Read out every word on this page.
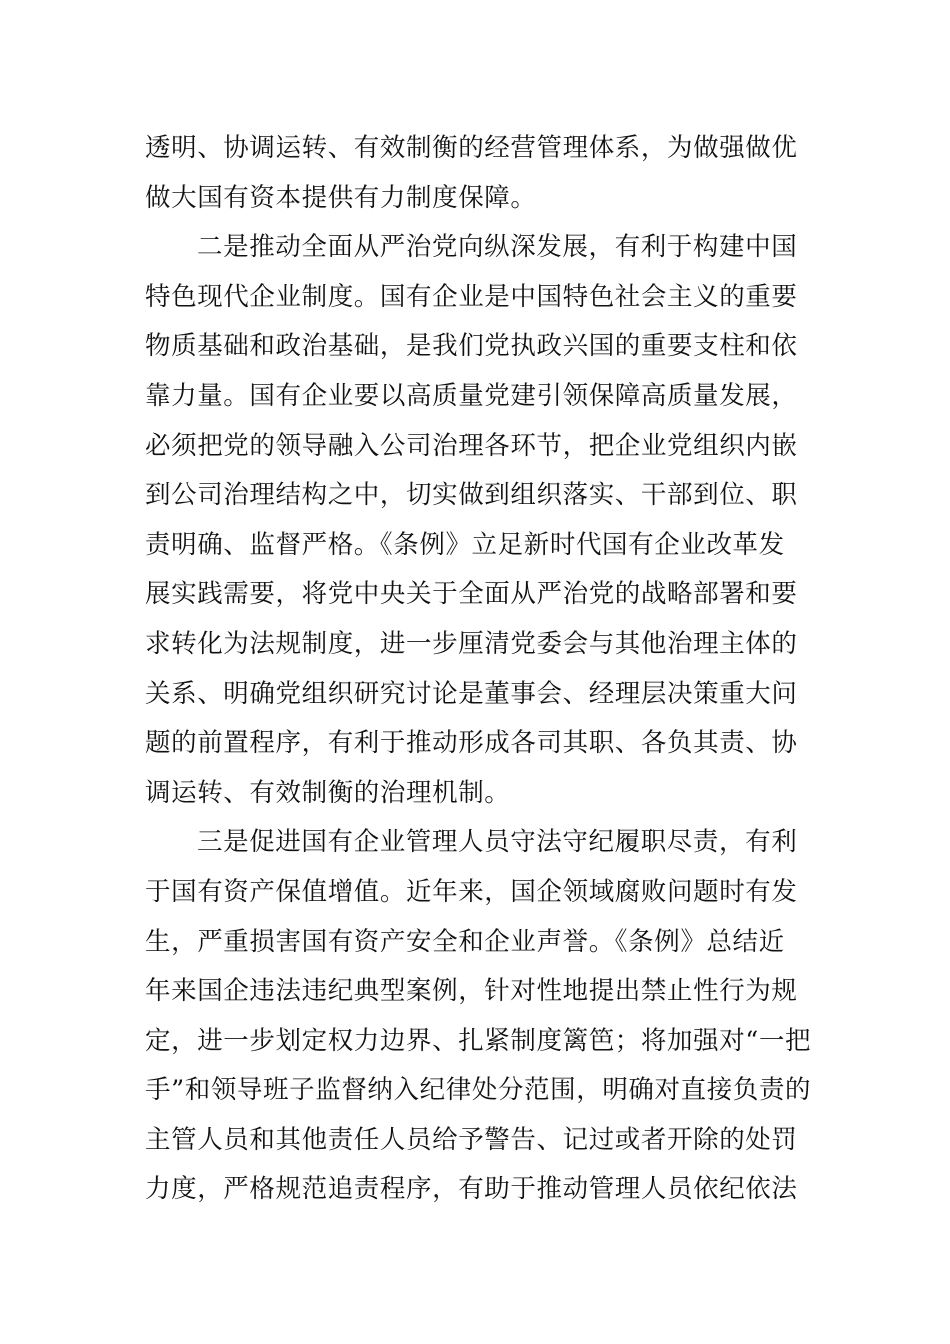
透明、协调运转、有效制衡的经营管理体系，为做强做优
做大国有资本提供有力制度保障。
二是推动全面从严治党向纵深发展，有利于构建中国
特色现代企业制度。国有企业是中国特色社会主义的重要
物质基础和政治基础，是我们党执政兴国的重要支柱和依
靠力量。国有企业要以高质量党建引领保障高质量发展，
必须把党的领导融入公司治理各环节，把企业党组织内嵌
到公司治理结构之中，切实做到组织落实、干部到位、职
责明确、监督严格。《条例》立足新时代国有企业改革发
展实践需要，将党中央关于全面从严治党的战略部署和要
求转化为法规制度，进一步厘清党委会与其他治理主体的
关系、明确党组织研究讨论是董事会、经理层决策重大问
题的前置程序，有利于推动形成各司其职、各负其责、协
调运转、有效制衡的治理机制。
三是促进国有企业管理人员守法守纪履职尽责，有利
于国有资产保值增值。近年来，国企领域腐败问题时有发
生，严重损害国有资产安全和企业声誉。《条例》总结近
年来国企违法违纪典型案例，针对性地提出禁止性行为规
定，进一步划定权力边界、扎紧制度篱笆；将加强对“一把
手”和领导班子监督纳入纪律处分范围，明确对直接负责的
主管人员和其他责任人员给予警告、记过或者开除的处罚
力度，严格规范追责程序，有助于推动管理人员依纪依法
